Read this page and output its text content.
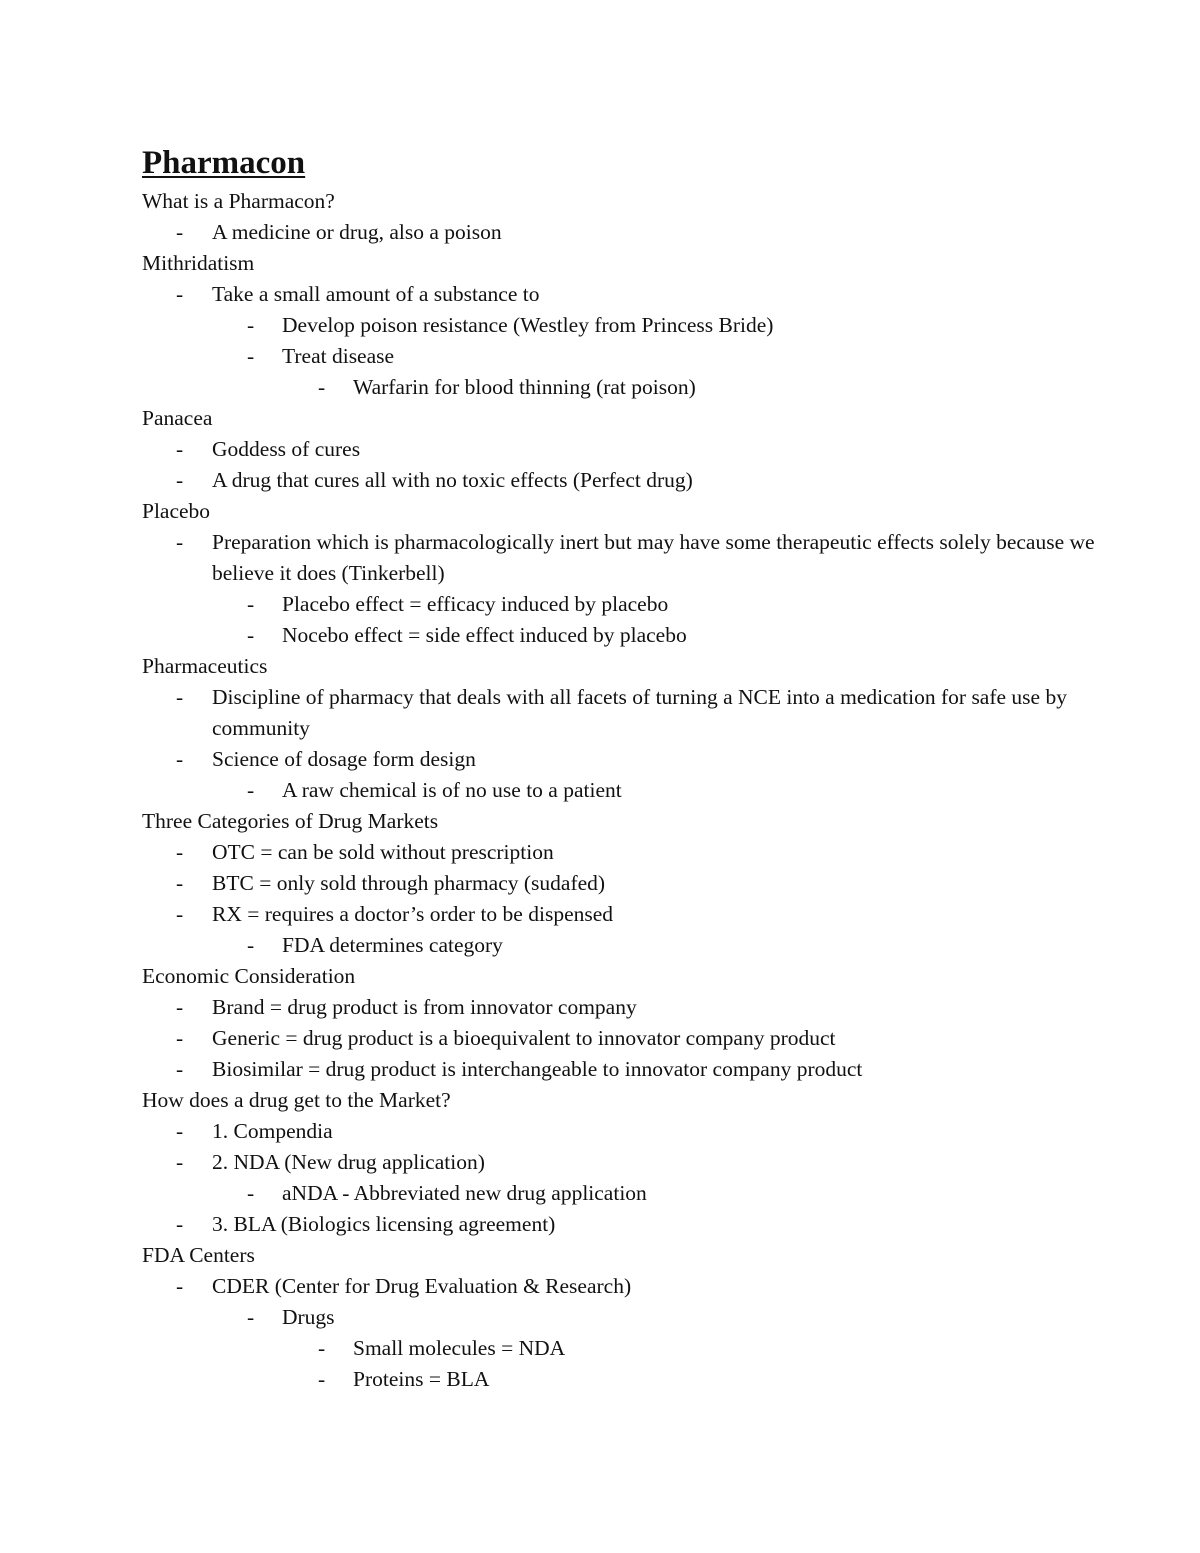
Pharmacon

What is a Pharmacon?

- A medicine or drug, also a poison

Mithridatism

- Take a small amount of a substance to

- Develop poison resistance (Westley from Princess Bride)

- Treat disease

- Warfarin for blood thinning (rat poison)

Panacea

- Goddess of cures

- A drug that cures all with no toxic effects (Perfect drug)

Placebo

- Preparation which is pharmacologically inert but may have some therapeutic effects solely because we believe it does (Tinkerbell)

- Placebo effect = efficacy induced by placebo

- Nocebo effect = side effect induced by placebo

Pharmaceutics

- Discipline of pharmacy that deals with all facets of turning a NCE into a medication for safe use by community

- Science of dosage form design

- A raw chemical is of no use to a patient

Three Categories of Drug Markets

- OTC = can be sold without prescription

- BTC = only sold through pharmacy (sudafed)

- RX = requires a doctor’s order to be dispensed

- FDA determines category

Economic Consideration

- Brand = drug product is from innovator company

- Generic = drug product is a bioequivalent to innovator company product

- Biosimilar = drug product is interchangeable to innovator company product

How does a drug get to the Market?

- 1. Compendia

- 2. NDA (New drug application)

- aNDA - Abbreviated new drug application

- 3. BLA (Biologics licensing agreement)

FDA Centers

- CDER (Center for Drug Evaluation & Research)

- Drugs

- Small molecules = NDA

- Proteins = BLA
